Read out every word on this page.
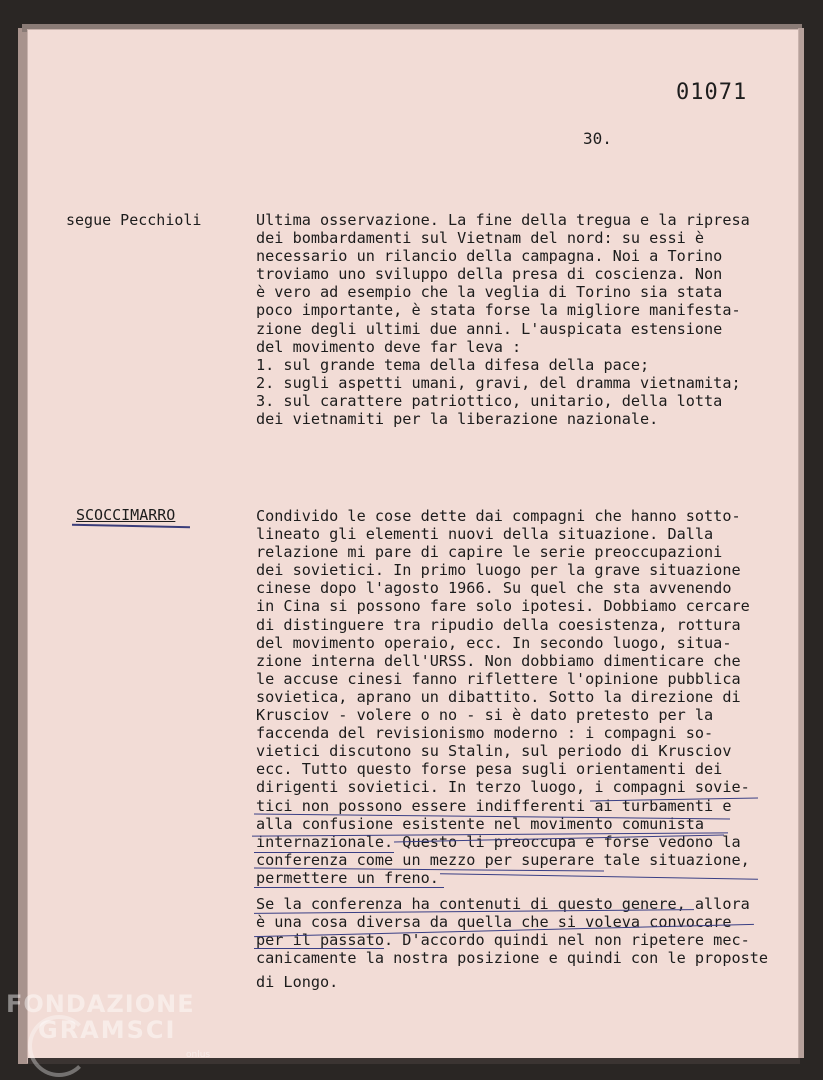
01071
30.
segue Pecchioli	Ultima osservazione. La fine della tregua e la ripresa
dei bombardamenti sul Vietnam del nord: su essi è
necessario un rilancio della campagna. Noi a Torino
troviamo uno sviluppo della presa di coscienza. Non
è vero ad esempio che la veglia di Torino sia stata
poco importante, è stata forse la migliore manifesta-
zione degli ultimi due anni. L'auspicata estensione
del movimento deve far leva :
1. sul grande tema della difesa della pace;
2. sugli aspetti umani, gravi, del dramma vietnamita;
3. sul carattere patriottico, unitario, della lotta
dei vietnamiti per la liberazione nazionale.
SCOCCIMARRO	Condivido le cose dette dai compagni che hanno sotto-
lineato gli elementi nuovi della situazione. Dalla
relazione mi pare di capire le serie preoccupazioni
dei sovietici. In primo luogo per la grave situazione
cinese dopo l'agosto 1966. Su quel che sta avvenendo
in Cina si possono fare solo ipotesi. Dobbiamo cercare
di distinguere tra ripudio della coesistenza, rottura
del movimento operaio, ecc. In secondo luogo, situa-
zione interna dell'URSS. Non dobbiamo dimenticare che
le accuse cinesi fanno riflettere l'opinione pubblica
sovietica, aprano un dibattito. Sotto la direzione di
Krusciov - volere o no - si è dato pretesto per la
faccenda del revisionismo moderno : i compagni so-
vietici discutono su Stalin, sul periodo di Krusciov
ecc. Tutto questo forse pesa sugli orientamenti dei
dirigenti sovietici. In terzo luogo, i compagni sovie-
tici non possono essere indifferenti ai turbamenti e
alla confusione esistente nel movimento comunista
internazionale. Questo li preoccupa e forse vedono la
conferenza come un mezzo per superare tale situazione,
permettere un freno.
Se la conferenza ha contenuti di questo genere, allora
è una cosa diversa da quella che si voleva convocare
per il passato. D'accordo quindi nel non ripetere mec-
canicamente la nostra posizione e quindi con le proposte
di Longo.
FONDAZIONE
GRAMSCI
onlus
